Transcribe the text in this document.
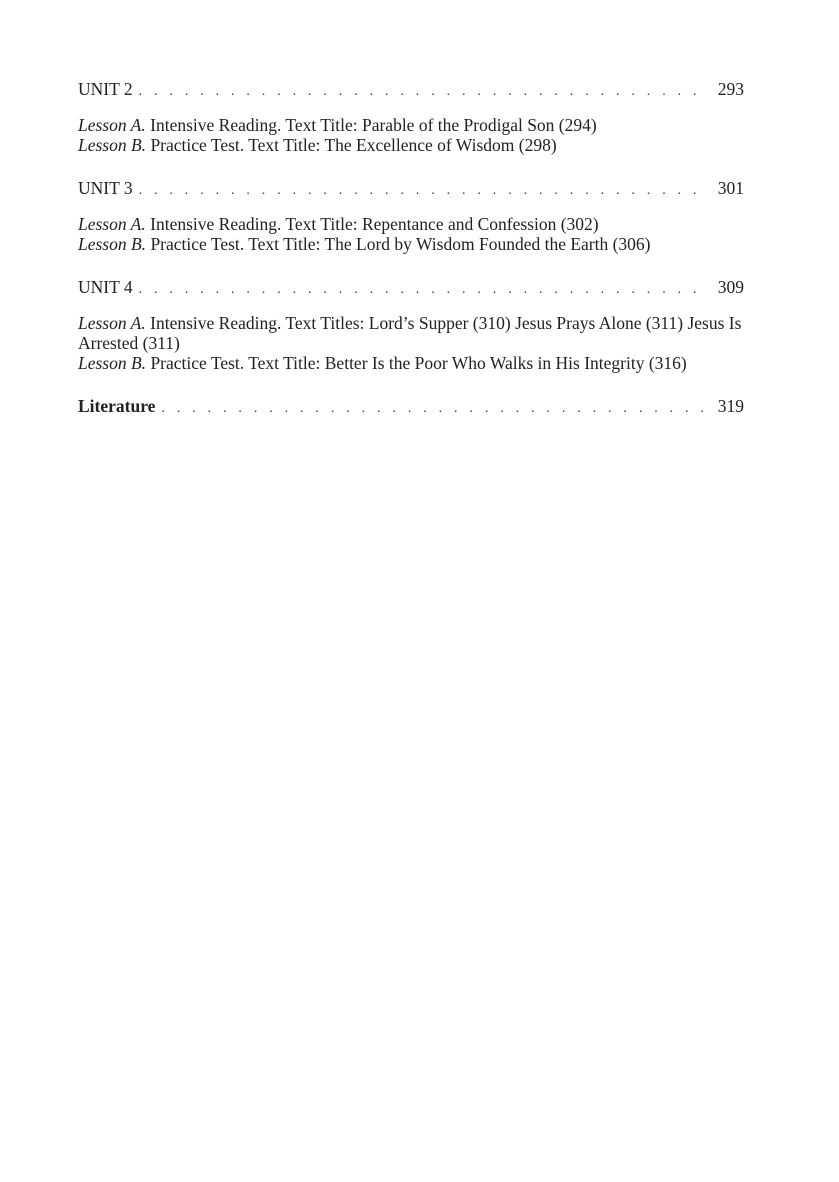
UNIT 2 . . .	293

Lesson A. Intensive Reading. Text Title: Parable of the Prodigal Son (294)

Lesson B. Practice Test. Text Title: The Excellence of Wisdom (298)

UNIT 3 . . .	301

Lesson A. Intensive Reading. Text Title: Repentance and Confession (302)

Lesson B. Practice Test. Text Title: The Lord by Wisdom Founded the Earth (306)

UNIT 4 . . .	309

Lesson A. Intensive Reading. Text Titles: Lord’s Supper (310) Jesus Prays Alone (311) Jesus Is Arrested (311)

Lesson B. Practice Test. Text Title: Better Is the Poor Who Walks in His Integrity (316)

Literature . . .	319
